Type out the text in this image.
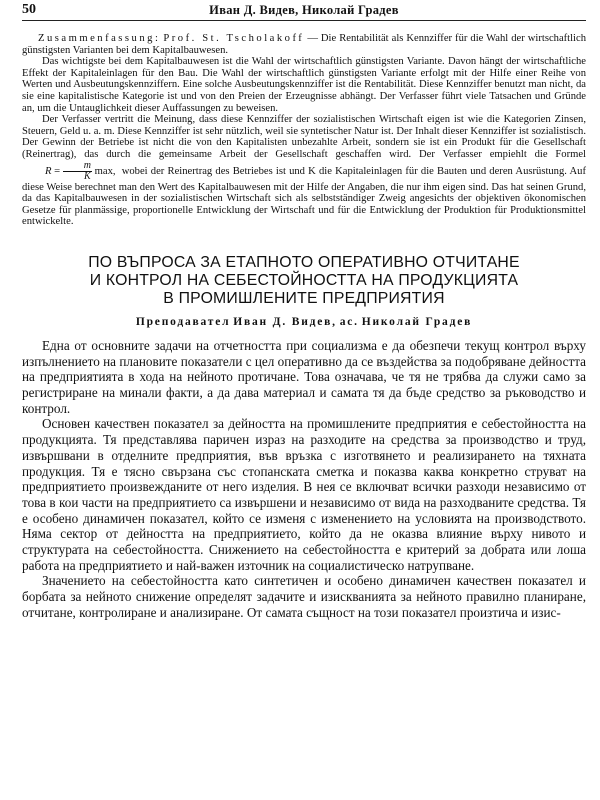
50	Иван Д. Видев, Николай Градев

Zusammenfassung: Prof. St. Tscholakoff — Die Rentabilität als Kennziffer für die Wahl der wirtschaftlich günstigsten Varianten bei dem Kapitalbauwesen.

Das wichtigste bei dem Kapitalbauwesen ist die Wahl der wirtschaftlich günstigsten Variante. Davon hängt der wirtschaftliche Effekt der Kapitaleinlagen für den Bau. Die Wahl der wirtschaftlich günstigsten Variante erfolgt mit der Hilfe einer Reihe von Werten und Ausbeutungskennziffern. Eine solche Ausbeutungskennziffer ist die Rentabilität. Diese Kennziffer benutzt man nicht, da sie eine kapitalistische Kategorie ist und von den Preien der Erzeugnisse abhängt. Der Verfasser führt viele Tatsachen und Gründe an, um die Untauglichkeit dieser Auffassungen zu beweisen.

Der Verfasser vertritt die Meinung, dass diese Kennziffer der sozialistischen Wirtschaft eigen ist wie die Kategorien Zinsen, Steuern, Geld u. a. m. Diese Kennziffer ist sehr nützlich, weil sie syntetischer Natur ist. Der Inhalt dieser Kennziffer ist sozialistisch. Der Gewinn der Betriebe ist nicht die von den Kapitalisten unbezahlte Arbeit, sondern sie ist ein Produkt für die Gesellschaft (Reinertrag), das durch die gemeinsame Arbeit der Gesellschaft geschaffen wird. Der Verfasser empiehlt die Formel $R = \frac{m}{K} \max$, wobei der Reinertrag des Betriebes ist und K die Kapitaleinlagen für die Bauten und deren Ausrüstung. Auf diese Weise berechnet man den Wert des Kapitalbauwesen mit der Hilfe der Angaben, die nur ihm eigen sind. Das hat seinen Grund, da das Kapitalbauwesen in der sozialistischen Wirtschaft sich als selbstständiger Zweig angesichts der objektiven ökonomischen Gesetze für planmässige, proportionelle Entwicklung der Wirtschaft und für die Entwicklung der Produktion für Produktionsmittel entwickelte.

ПО ВЪПРОСА ЗА ЕТАПНОТО ОПЕРАТИВНО ОТЧИТАНЕ
И КОНТРОЛ НА СЕБЕСТОЙНОСТТА НА ПРОДУКЦИЯТА
В ПРОМИШЛЕНИТЕ ПРЕДПРИЯТИЯ
Преподавател Иван Д. Видев, ас. Николай Градев

Една от основните задачи на отчетността при социализма е да обезпечи текущ контрол върху изпълнението на плановите показатели с цел оперативно да се въздейства за подобряване дейността на предприятията в хода на нейното протичане. Това означава, че тя не трябва да служи само за регистриране на минали факти, а да дава материал и самата тя да бъде средство за ръководство и контрол.

Основен качествен показател за дейността на промишлените предприятия е себестойността на продукцията. Тя представлява паричен израз на разходите на средства за производство и труд, извършвани в отделните предприятия, във връзка с изготвянето и реализирането на тяхната продукция. Тя е тясно свързана със стопанската сметка и показва каква конкретно струват на предприятието произвежданите от него изделия. В нея се включват всички разходи независимо от това в кои части на предприятието са извършени и независимо от вида на разходваните средства. Тя е особено динамичен показател, който се изменя с изменението на условията на производството. Няма сектор от дейността на предприятието, който да не оказва влияние върху нивото и структурата на себестойността. Снижението на себестойността е критерий за добрата или лоша работа на предприятието и най-важен източник на социалистическо натрупване.

Значението на себестойността като синтетичен и особено динамичен качествен показател и борбата за нейното снижение определят задачите и изискванията за нейното правилно планиране, отчитане, контролиране и анализиране. От самата същност на този показател произтича и изис-
